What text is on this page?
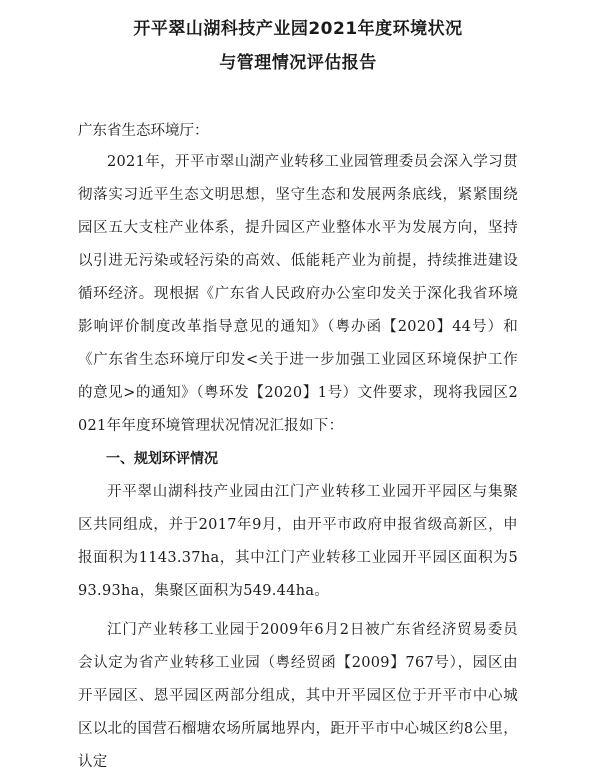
开平翠山湖科技产业园2021年度环境状况
与管理情况评估报告
广东省生态环境厅：

2021年，开平市翠山湖产业转移工业园管理委员会深入学习贯彻落实习近平生态文明思想，坚守生态和发展两条底线，紧紧围绕园区五大支柱产业体系，提升园区产业整体水平为发展方向，坚持以引进无污染或轻污染的高效、低能耗产业为前提，持续推进建设循环经济。现根据《广东省人民政府办公室印发关于深化我省环境影响评价制度改革指导意见的通知》（粤办函【2020】44号）和《广东省生态环境厅印发<关于进一步加强工业园区环境保护工作的意见>的通知》（粤环发【2020】1号）文件要求，现将我园区2021年年度环境管理状况情况汇报如下：

一、规划环评情况

开平翠山湖科技产业园由江门产业转移工业园开平园区与集聚区共同组成，并于2017年9月，由开平市政府申报省级高新区，申报面积为1143.37ha，其中江门产业转移工业园开平园区面积为593.93ha，集聚区面积为549.44ha。

江门产业转移工业园于2009年6月2日被广东省经济贸易委员会认定为省产业转移工业园（粤经贸函【2009】767号），园区由开平园区、恩平园区两部分组成，其中开平园区位于开平市中心城区以北的国营石榴塘农场所属地界内，距开平市中心城区约8公里，认定
